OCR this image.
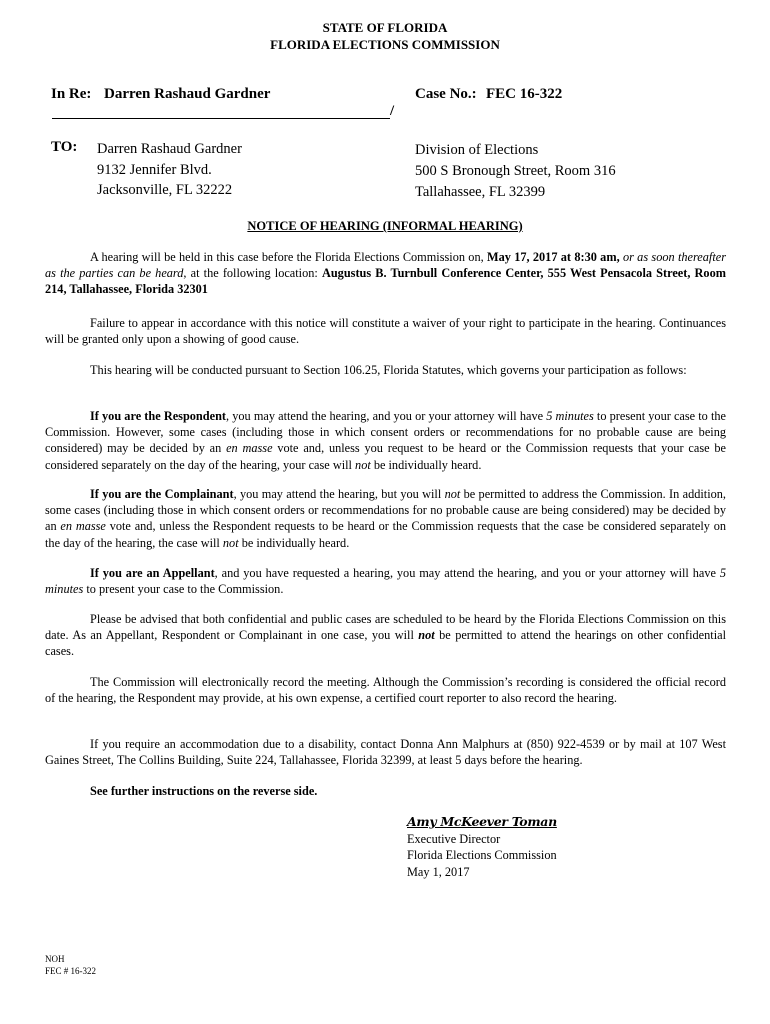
STATE OF FLORIDA
FLORIDA ELECTIONS COMMISSION
In Re: Darren Rashaud Gardner
/
Case No.: FEC 16-322
TO: Darren Rashaud Gardner
9132 Jennifer Blvd.
Jacksonville, FL 32222
Division of Elections
500 S Bronough Street, Room 316
Tallahassee, FL 32399
NOTICE OF HEARING (INFORMAL HEARING)
A hearing will be held in this case before the Florida Elections Commission on, May 17, 2017 at 8:30 am, or as soon thereafter as the parties can be heard, at the following location: Augustus B. Turnbull Conference Center, 555 West Pensacola Street, Room 214, Tallahassee, Florida 32301
Failure to appear in accordance with this notice will constitute a waiver of your right to participate in the hearing. Continuances will be granted only upon a showing of good cause.
This hearing will be conducted pursuant to Section 106.25, Florida Statutes, which governs your participation as follows:
If you are the Respondent, you may attend the hearing, and you or your attorney will have 5 minutes to present your case to the Commission. However, some cases (including those in which consent orders or recommendations for no probable cause are being considered) may be decided by an en masse vote and, unless you request to be heard or the Commission requests that your case be considered separately on the day of the hearing, your case will not be individually heard.
If you are the Complainant, you may attend the hearing, but you will not be permitted to address the Commission. In addition, some cases (including those in which consent orders or recommendations for no probable cause are being considered) may be decided by an en masse vote and, unless the Respondent requests to be heard or the Commission requests that the case be considered separately on the day of the hearing, the case will not be individually heard.
If you are an Appellant, and you have requested a hearing, you may attend the hearing, and you or your attorney will have 5 minutes to present your case to the Commission.
Please be advised that both confidential and public cases are scheduled to be heard by the Florida Elections Commission on this date. As an Appellant, Respondent or Complainant in one case, you will not be permitted to attend the hearings on other confidential cases.
The Commission will electronically record the meeting. Although the Commission’s recording is considered the official record of the hearing, the Respondent may provide, at his own expense, a certified court reporter to also record the hearing.
If you require an accommodation due to a disability, contact Donna Ann Malphurs at (850) 922-4539 or by mail at 107 West Gaines Street, The Collins Building, Suite 224, Tallahassee, Florida 32399, at least 5 days before the hearing.
See further instructions on the reverse side.
Amy McKeever Toman
Executive Director
Florida Elections Commission
May 1, 2017
NOH
FEC # 16-322
